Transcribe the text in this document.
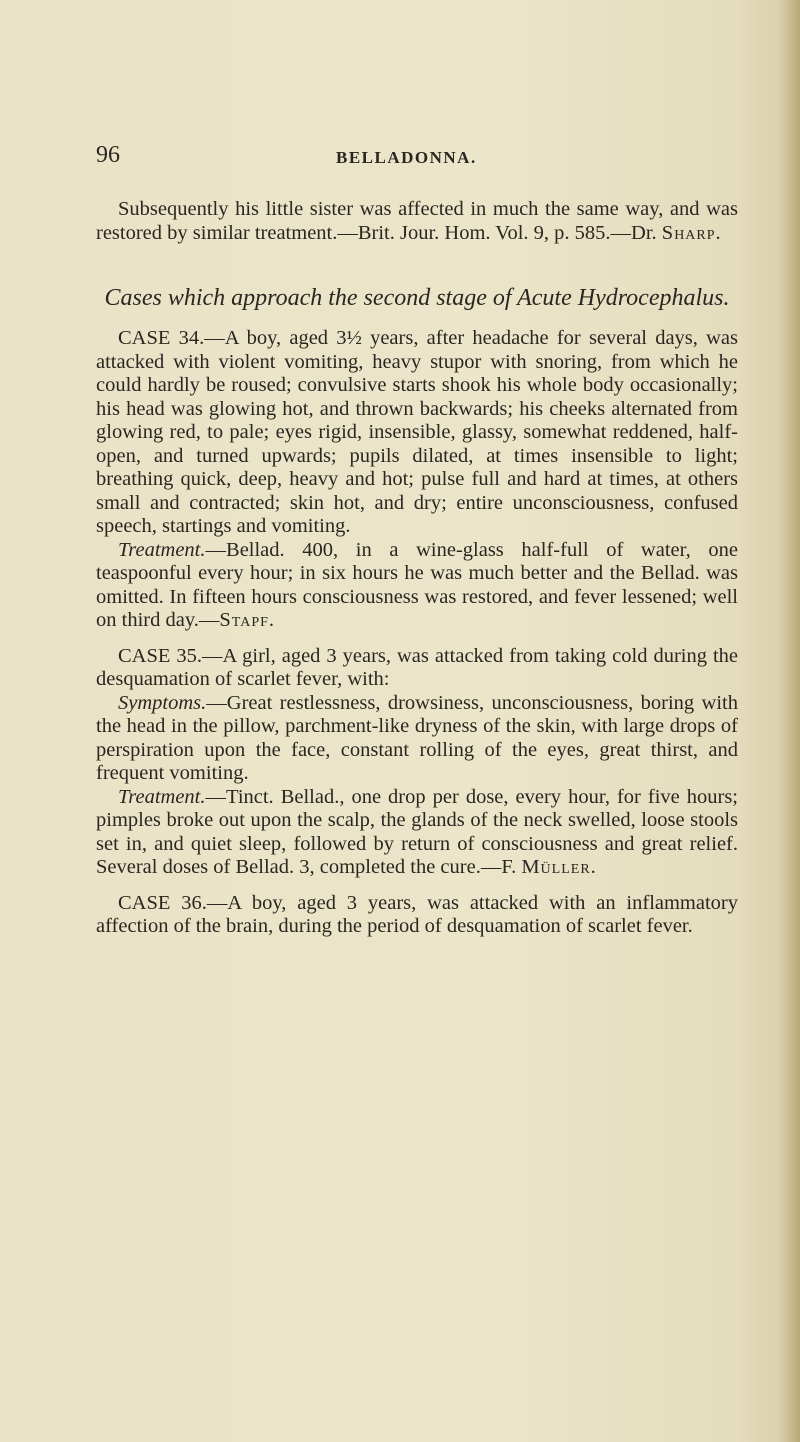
96	BELLADONNA.

Subsequently his little sister was affected in much the same way, and was restored by similar treatment.—Brit. Jour. Hom. Vol. 9, p. 585.—Dr. Sharp.

Cases which approach the second stage of Acute Hydrocephalus.

CASE 34.—A boy, aged 3½ years, after headache for several days, was attacked with violent vomiting, heavy stupor with snoring, from which he could hardly be roused; convulsive starts shook his whole body occasionally; his head was glowing hot, and thrown backwards; his cheeks alternated from glowing red, to pale; eyes rigid, insensible, glassy, somewhat reddened, half-open, and turned upwards; pupils dilated, at times insensible to light; breathing quick, deep, heavy and hot; pulse full and hard at times, at others small and contracted; skin hot, and dry; entire unconsciousness, confused speech, startings and vomiting.

Treatment.—Bellad. 400, in a wine-glass half-full of water, one teaspoonful every hour; in six hours he was much better and the Bellad. was omitted. In fifteen hours consciousness was restored, and fever lessened; well on third day.—Stapf.

CASE 35.—A girl, aged 3 years, was attacked from taking cold during the desquamation of scarlet fever, with:

Symptoms.—Great restlessness, drowsiness, unconsciousness, boring with the head in the pillow, parchment-like dryness of the skin, with large drops of perspiration upon the face, constant rolling of the eyes, great thirst, and frequent vomiting.

Treatment.—Tinct. Bellad., one drop per dose, every hour, for five hours; pimples broke out upon the scalp, the glands of the neck swelled, loose stools set in, and quiet sleep, followed by return of consciousness and great relief. Several doses of Bellad. 3, completed the cure.—F. Müller.

CASE 36.—A boy, aged 3 years, was attacked with an inflammatory affection of the brain, during the period of desquamation of scarlet fever.
